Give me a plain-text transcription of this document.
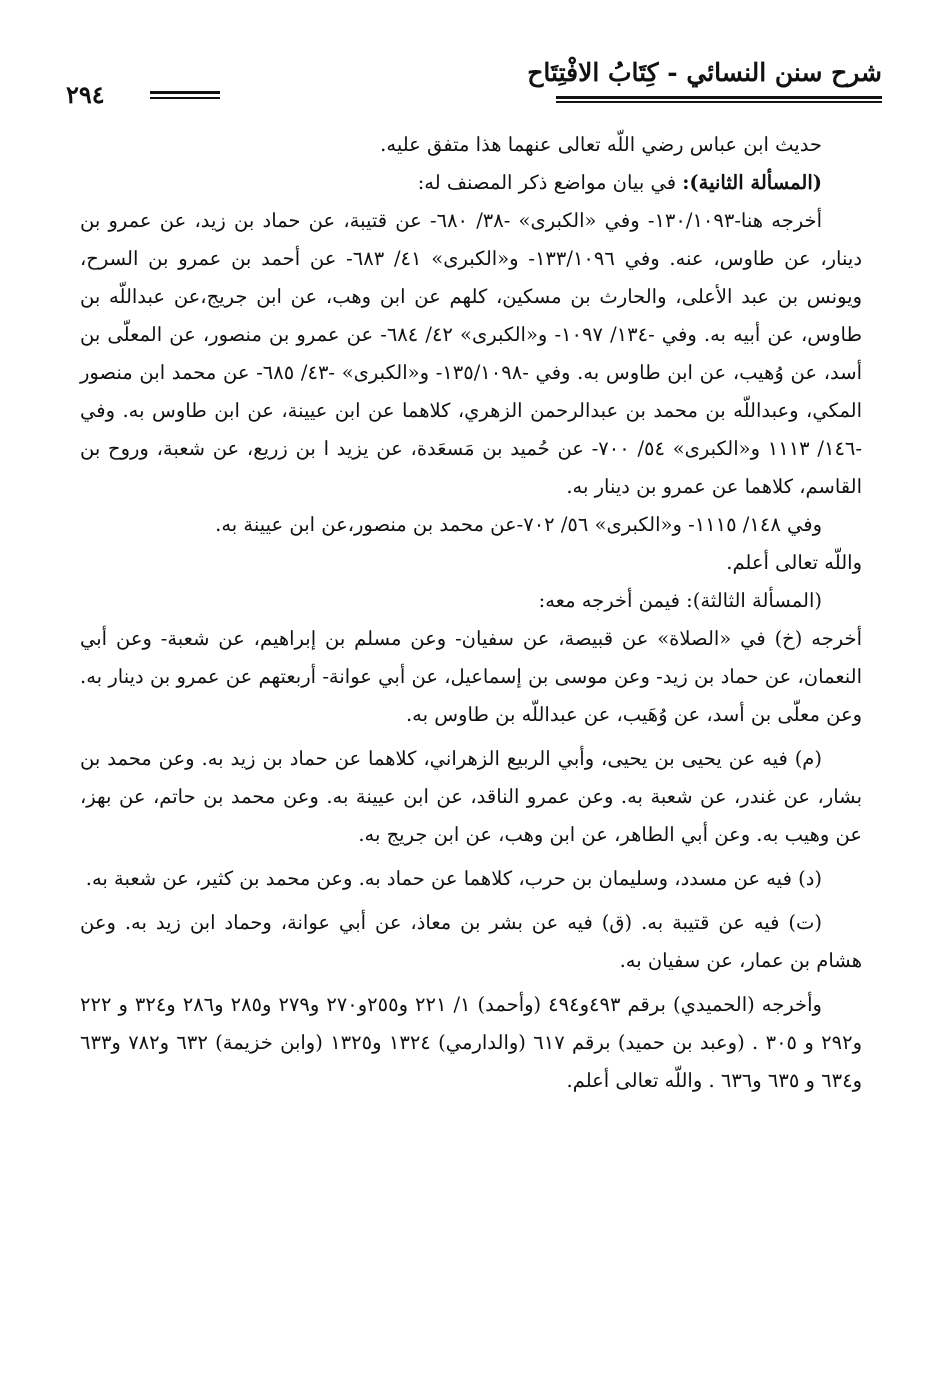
شرح سنن النسائي - كِتَابُ الافْتِتَاح
٢٩٤

حديث ابن عباس رضي اللّه تعالى عنهما هذا متفق عليه.

(المسألة الثانية): في بيان مواضع ذكر المصنف له:

أخرجه هنا-١٣٠/١٠٩٣- وفي «الكبرى» -٣٨/ ٦٨٠- عن قتيبة، عن حماد بن زيد، عن عمرو بن دينار، عن طاوس، عنه. وفي ١٣٣/١٠٩٦- و«الكبرى» ٤١/ ٦٨٣- عن أحمد بن عمرو بن السرح، ويونس بن عبد الأعلى، والحارث بن مسكين، كلهم عن ابن وهب، عن ابن جريج،عن عبداللّه بن طاوس، عن أبيه به. وفي -١٣٤/ ١٠٩٧- و«الكبرى» ٤٢/ ٦٨٤- عن عمرو بن منصور، عن المعلّى بن أسد، عن وُهيب، عن ابن طاوس به. وفي -١٣٥/١٠٩٨- و«الكبرى» -٤٣/ ٦٨٥- عن محمد ابن منصور المكي، وعبداللّه بن محمد بن عبدالرحمن الزهري، كلاهما عن ابن عيينة، عن ابن طاوس به. وفي -١٤٦/ ١١١٣ و«الكبرى» ٥٤/ ٧٠٠- عن حُميد بن مَسعَدة، عن يزيد ا بن زريع، عن شعبة، وروح بن القاسم، كلاهما عن عمرو بن دينار به.

وفي ١٤٨/ ١١١٥- و«الكبرى» ٥٦/ ٧٠٢-عن محمد بن منصور،عن ابن عيينة به.

واللّه تعالى أعلم.

(المسألة الثالثة): فيمن أخرجه معه:

أخرجه (خ) في «الصلاة» عن قبيصة، عن سفيان- وعن مسلم بن إبراهيم، عن شعبة- وعن أبي النعمان، عن حماد بن زيد- وعن موسى بن إسماعيل، عن أبي عوانة- أربعتهم عن عمرو بن دينار به. وعن معلّى بن أسد، عن وُهَيب، عن عبداللّه بن طاوس به.

(م) فيه عن يحيى بن يحيى، وأبي الربيع الزهراني، كلاهما عن حماد بن زيد به. وعن محمد بن بشار، عن غندر، عن شعبة به. وعن عمرو الناقد، عن ابن عيينة به. وعن محمد بن حاتم، عن بهز، عن وهيب به. وعن أبي الطاهر، عن ابن وهب، عن ابن جريج به.

(د) فيه عن مسدد، وسليمان بن حرب، كلاهما عن حماد به. وعن محمد بن كثير، عن شعبة به.

(ت) فيه عن قتيبة به. (ق) فيه عن بشر بن معاذ، عن أبي عوانة، وحماد ابن زيد به. وعن هشام بن عمار، عن سفيان به.

وأخرجه (الحميدي) برقم ٤٩٣و٤٩٤ (وأحمد) ١/ ٢٢١ و٢٥٥و٢٧٠ و٢٧٩ و٢٨٥ و٢٨٦ و٣٢٤ و ٢٢٢ و٢٩٢ و ٣٠٥ . (وعبد بن حميد) برقم ٦١٧ (والدارمي) ١٣٢٤ و١٣٢٥ (وابن خزيمة) ٦٣٢ و٧٨٢ و٦٣٣ و٦٣٤ و ٦٣٥ و٦٣٦ . واللّه تعالى أعلم.
